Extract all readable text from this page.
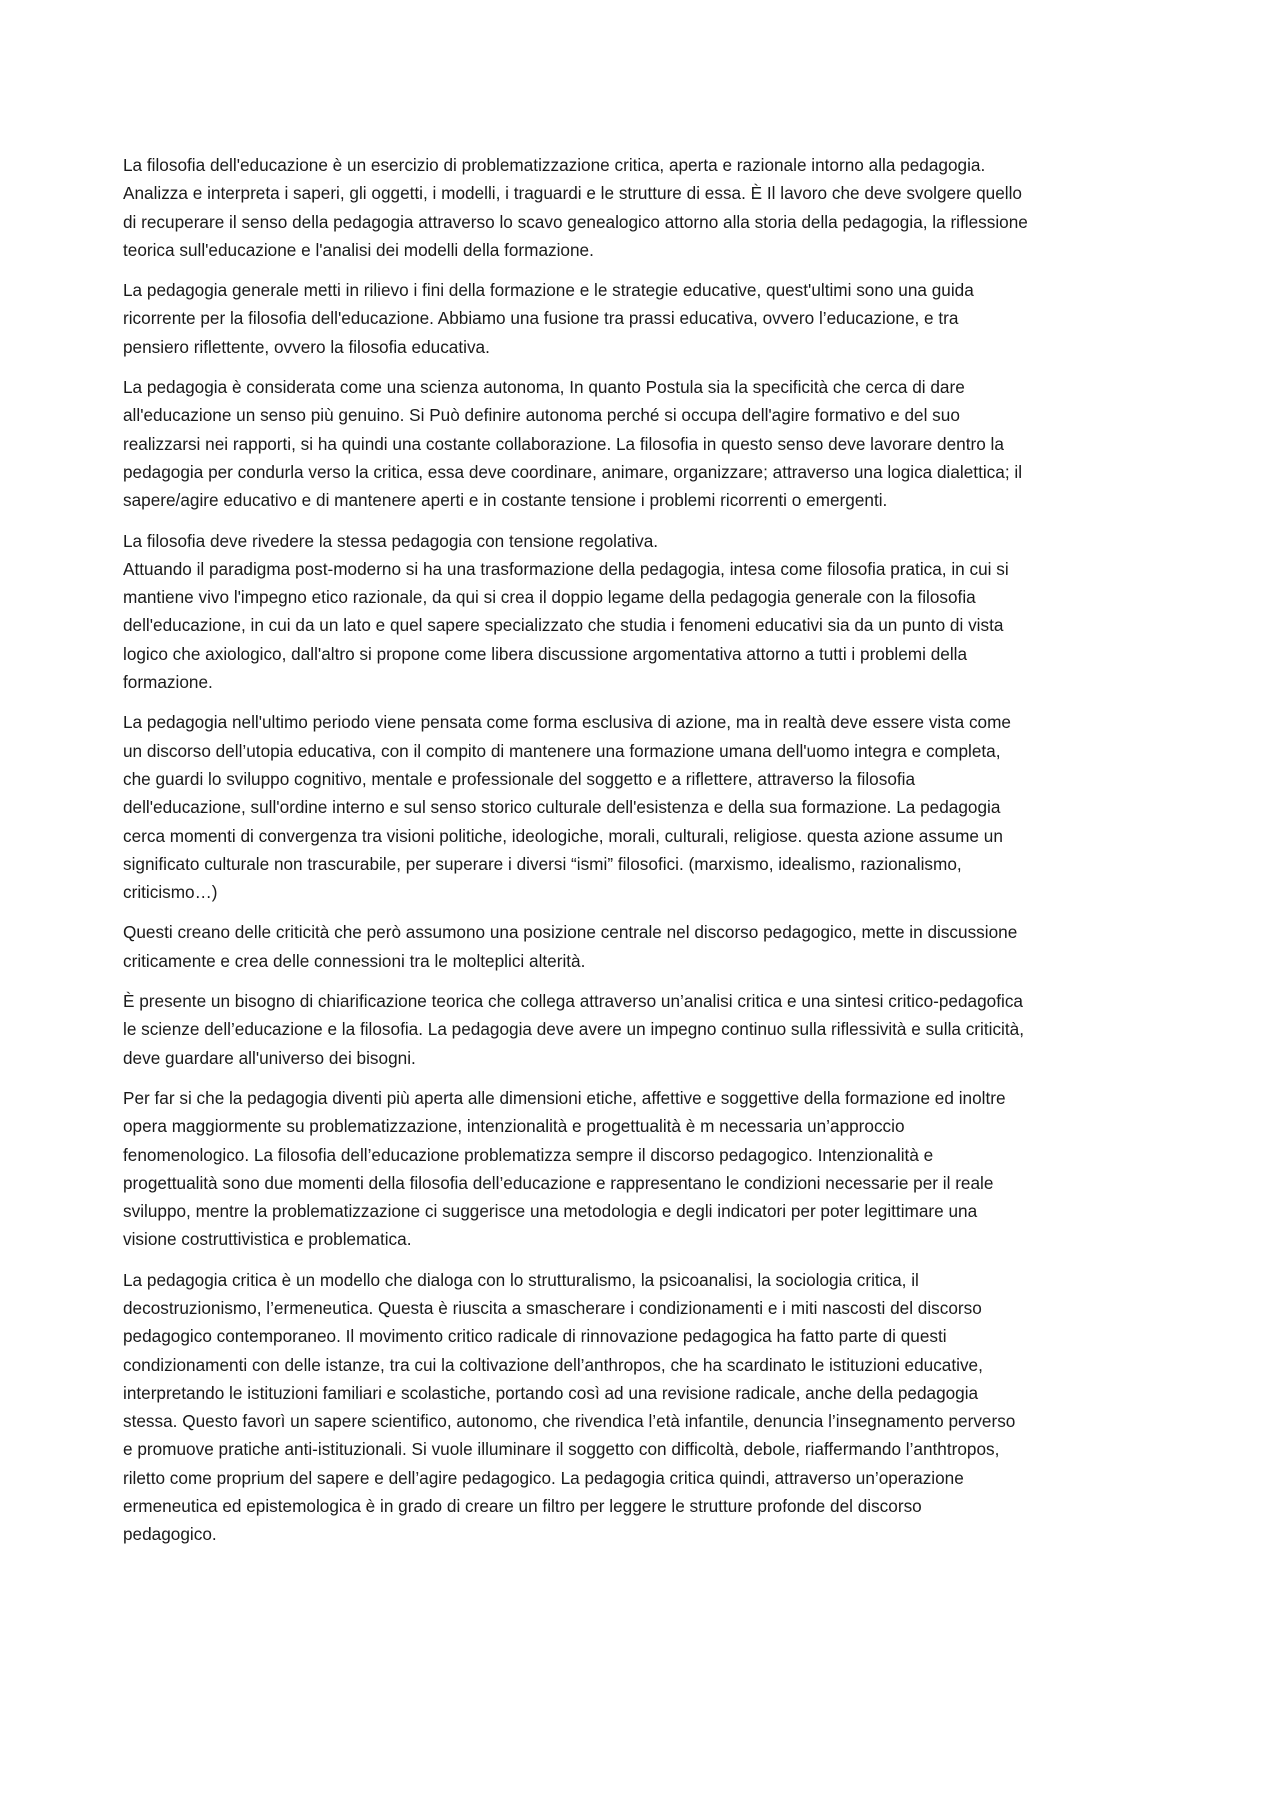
La filosofia dell'educazione è un esercizio di problematizzazione critica, aperta e razionale intorno alla pedagogia.
Analizza e interpreta i saperi, gli oggetti, i modelli, i traguardi e le strutture di essa. È Il lavoro che deve svolgere quello
di recuperare il senso della pedagogia attraverso lo scavo genealogico attorno alla storia della pedagogia, la riflessione
teorica sull'educazione e l'analisi dei modelli della formazione.

La pedagogia generale metti in rilievo i fini della formazione e le strategie educative, quest'ultimi sono una guida
ricorrente per la filosofia dell'educazione. Abbiamo una fusione tra prassi educativa, ovvero l’educazione, e tra
pensiero riflettente, ovvero la filosofia educativa.

La pedagogia è considerata come una scienza autonoma, In quanto Postula sia la specificità che cerca di dare
all'educazione un senso più genuino. Si Può definire autonoma perché si occupa dell'agire formativo e del suo
realizzarsi nei rapporti, si ha quindi una costante collaborazione. La filosofia in questo senso deve lavorare dentro la
pedagogia per condurla verso la critica, essa deve coordinare, animare, organizzare; attraverso una logica dialettica; il
sapere/agire educativo e di mantenere aperti e in costante tensione i problemi ricorrenti o emergenti.

La filosofia deve rivedere la stessa pedagogia con tensione regolativa.
Attuando il paradigma post-moderno si ha una trasformazione della pedagogia, intesa come filosofia pratica, in cui si
mantiene vivo l'impegno etico razionale, da qui si crea il doppio legame della pedagogia generale con la filosofia
dell'educazione, in cui da un lato e quel sapere specializzato che studia i fenomeni educativi sia da un punto di vista
logico che axiologico, dall'altro si propone come libera discussione argomentativa attorno a tutti i problemi della
formazione.

La pedagogia nell'ultimo periodo viene pensata come forma esclusiva di azione, ma in realtà deve essere vista come
un discorso dell’utopia educativa, con il compito di mantenere una formazione umana dell'uomo integra e completa,
che guardi lo sviluppo cognitivo, mentale e professionale del soggetto e a riflettere, attraverso la filosofia
dell'educazione, sull'ordine interno e sul senso storico culturale dell'esistenza e della sua formazione. La pedagogia
cerca momenti di convergenza tra visioni politiche, ideologiche, morali, culturali, religiose. questa azione assume un
significato culturale non trascurabile, per superare i diversi “ismi” filosofici. (marxismo, idealismo, razionalismo,
criticismo…)

Questi creano delle criticità che però assumono una posizione centrale nel discorso pedagogico, mette in discussione
criticamente e crea delle connessioni tra le molteplici alterità.

È presente un bisogno di chiarificazione teorica che collega attraverso un’analisi critica e una sintesi critico-pedagofica
le scienze dell’educazione e la filosofia. La pedagogia deve avere un impegno continuo sulla riflessività e sulla criticità,
deve guardare all'universo dei bisogni.

Per far si che la pedagogia diventi più aperta alle dimensioni etiche, affettive e soggettive della formazione ed inoltre
opera maggiormente su problematizzazione, intenzionalità e progettualità è m necessaria un’approccio
fenomenologico. La filosofia dell’educazione problematizza sempre il discorso pedagogico. Intenzionalità e
progettualità sono due momenti della filosofia dell’educazione e rappresentano le condizioni necessarie per il reale
sviluppo, mentre la problematizzazione ci suggerisce una metodologia e degli indicatori per poter legittimare una
visione costruttivistica e problematica.

La pedagogia critica è un modello che dialoga con lo strutturalismo, la psicoanalisi, la sociologia critica, il
decostruzionismo, l’ermeneutica. Questa è riuscita a smascherare i condizionamenti e i miti nascosti del discorso
pedagogico contemporaneo. Il movimento critico radicale di rinnovazione pedagogica ha fatto parte di questi
condizionamenti con delle istanze, tra cui la coltivazione dell’anthropos, che ha scardinato le istituzioni educative,
interpretando le istituzioni familiari e scolastiche, portando così ad una revisione radicale, anche della pedagogia
stessa. Questo favorì un sapere scientifico, autonomo, che rivendica l’età infantile, denuncia l’insegnamento perverso
e promuove pratiche anti-istituzionali. Si vuole illuminare il soggetto con difficoltà, debole, riaffermando l’anthtropos,
riletto come proprium del sapere e dell’agire pedagogico. La pedagogia critica quindi, attraverso un’operazione
ermeneutica ed epistemologica è in grado di creare un filtro per leggere le strutture profonde del discorso
pedagogico.
